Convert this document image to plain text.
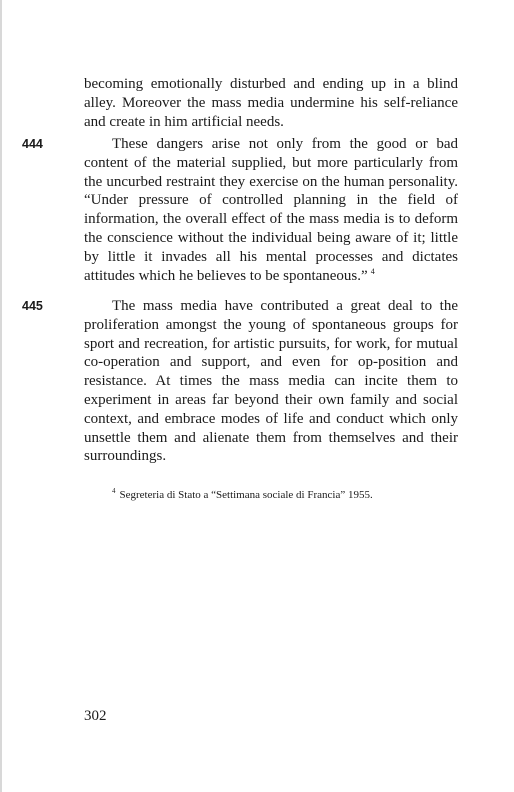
becoming emotionally disturbed and ending up in a blind alley. Moreover the mass media undermine his self-reliance and create in him artificial needs.

444	These dangers arise not only from the good or bad content of the material supplied, but more particularly from the uncurbed restraint they exercise on the human personality. “Under pressure of controlled planning in the field of information, the overall effect of the mass media is to deform the conscience without the individual being aware of it; little by little it invades all his mental processes and dictates attitudes which he believes to be spontaneous.” $^4$

445	The mass media have contributed a great deal to the proliferation amongst the young of spontaneous groups for sport and recreation, for artistic pursuits, for work, for mutual co-operation and support, and even for op-position and resistance. At times the mass media can incite them to experiment in areas far beyond their own family and social context, and embrace modes of life and conduct which only unsettle them and alienate them from themselves and their surroundings.

$^4$ Segreteria di Stato a “Settimana sociale di Francia” 1955.
302
